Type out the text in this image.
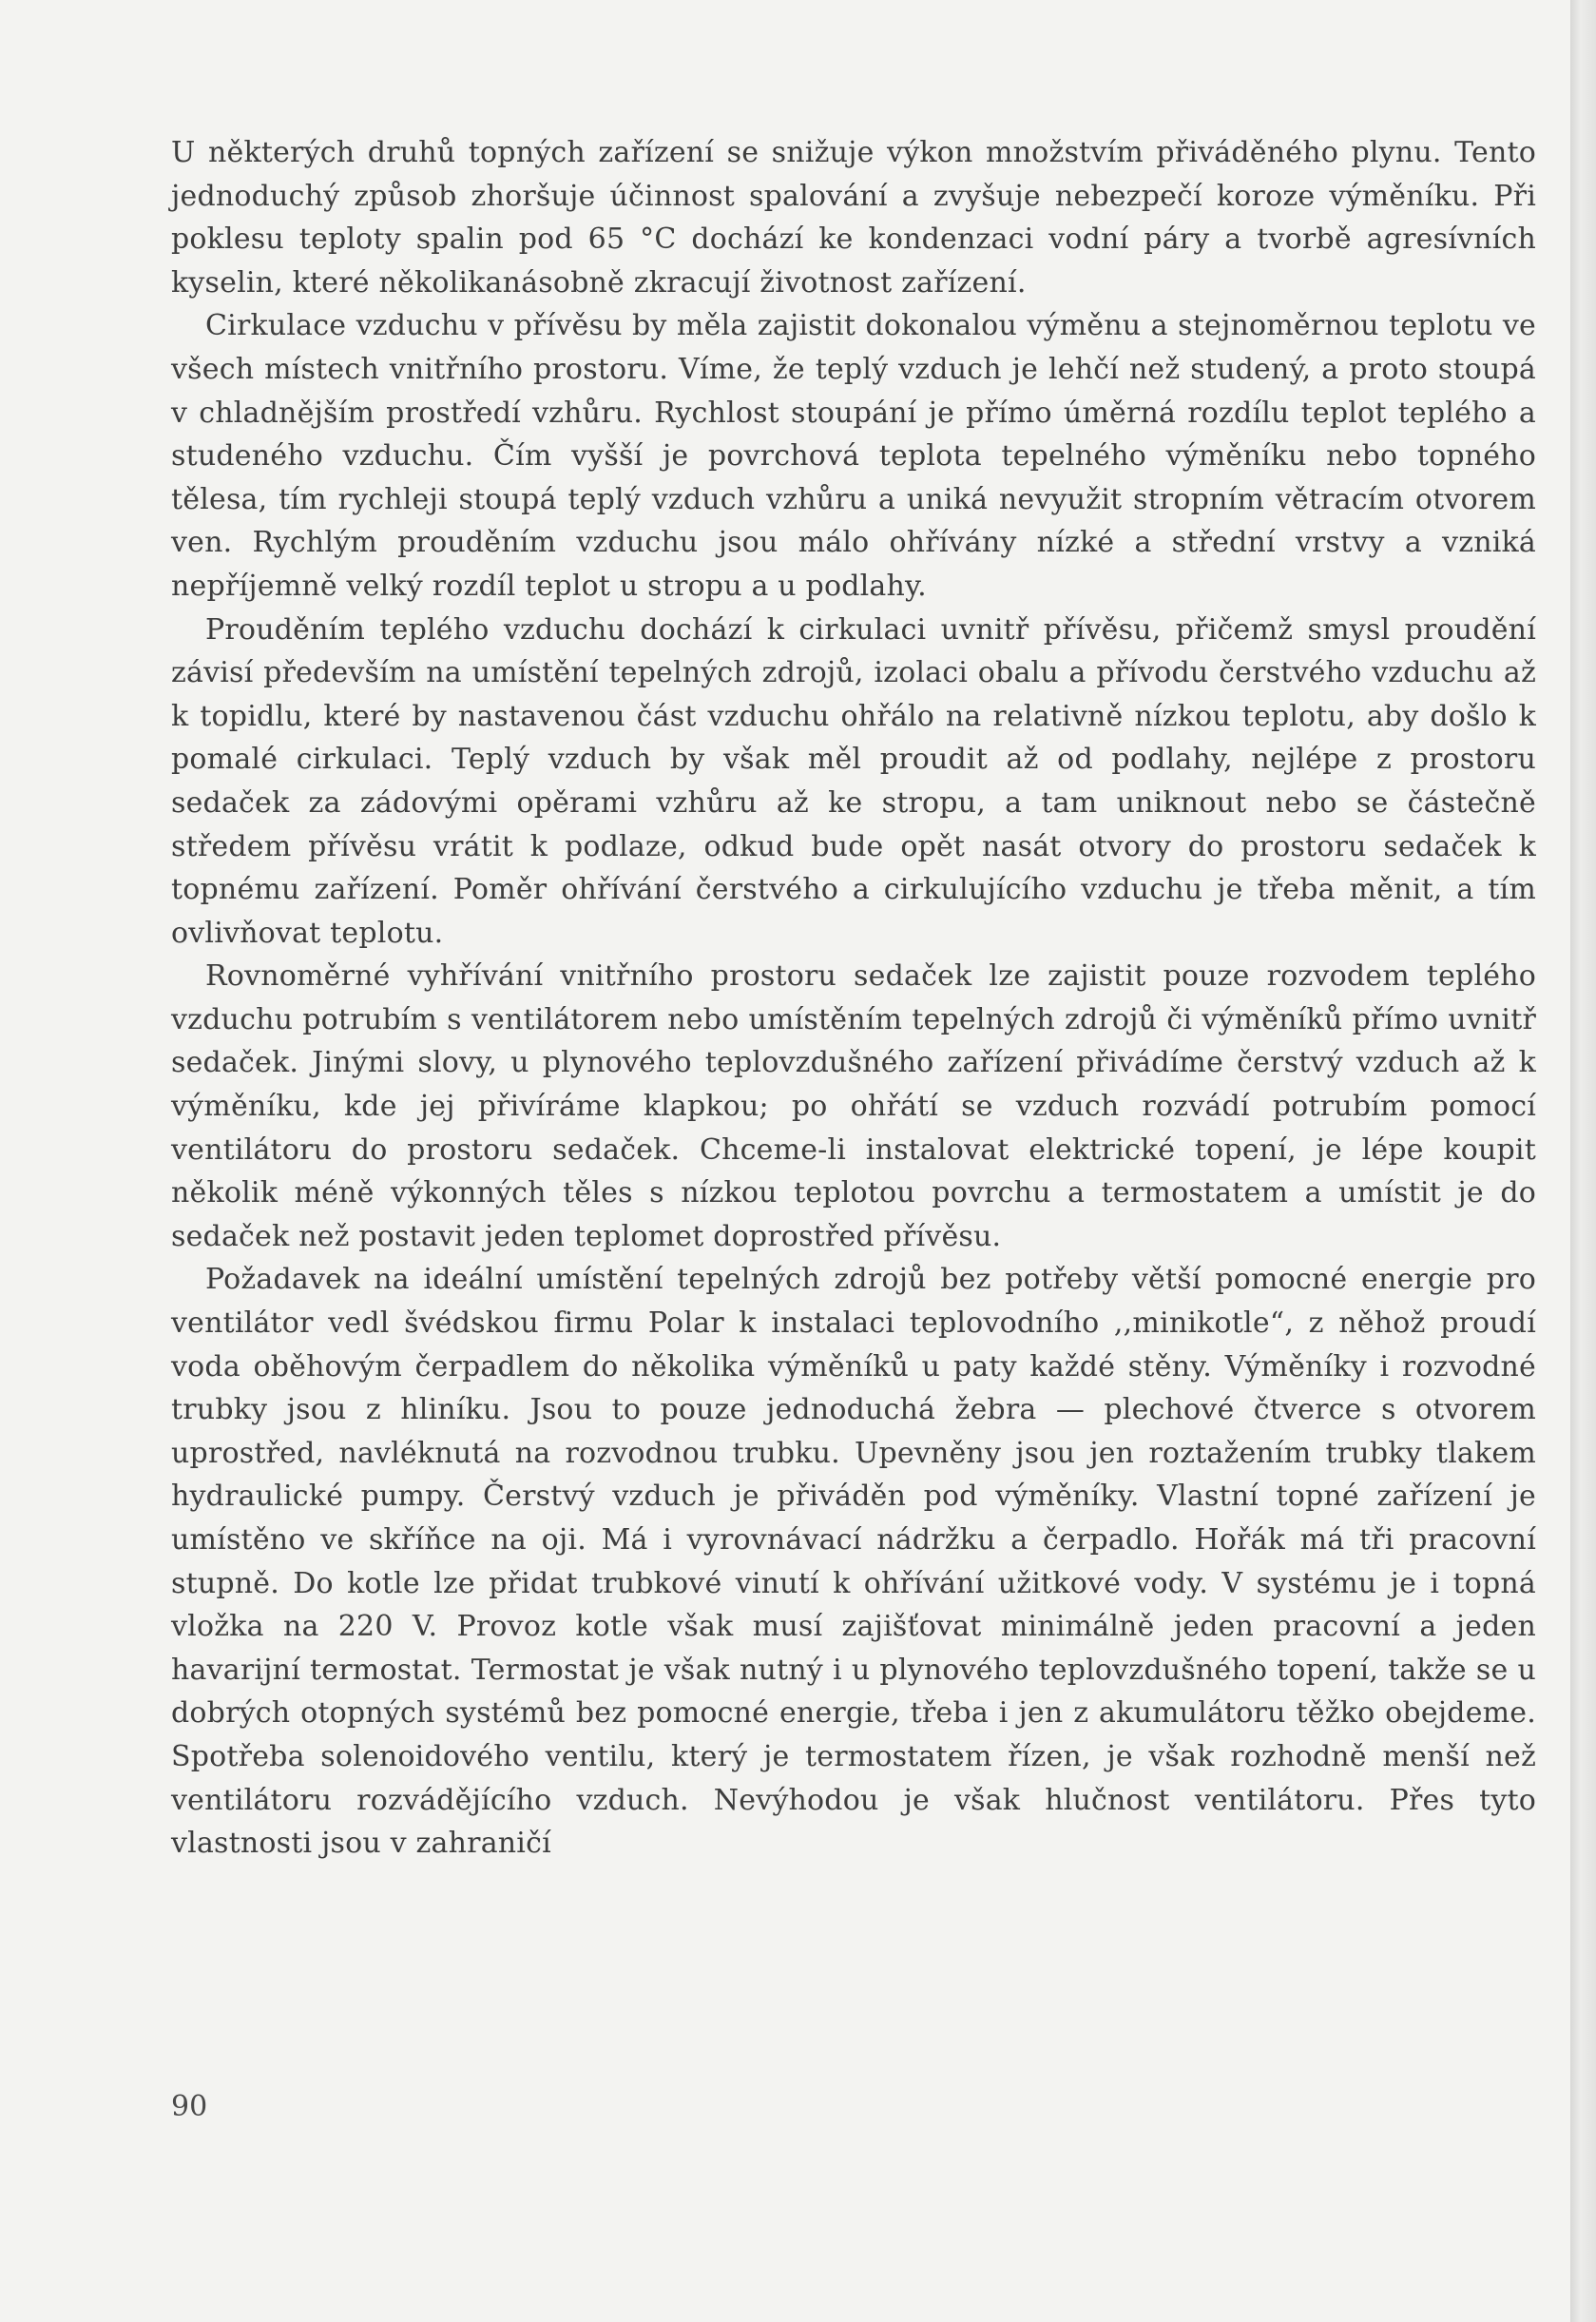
U některých druhů topných zařízení se snižuje výkon množstvím přiváděného plynu. Tento jednoduchý způsob zhoršuje účinnost spalování a zvyšuje nebezpečí koroze výměníku. Při poklesu teploty spalin pod 65 °C dochází ke kondenzaci vodní páry a tvorbě agresívních kyselin, které několikanásobně zkracují životnost zařízení.

Cirkulace vzduchu v přívěsu by měla zajistit dokonalou výměnu a stejnoměrnou teplotu ve všech místech vnitřního prostoru. Víme, že teplý vzduch je lehčí než studený, a proto stoupá v chladnějším prostředí vzhůru. Rychlost stoupání je přímo úměrná rozdílu teplot teplého a studeného vzduchu. Čím vyšší je povrchová teplota tepelného výměníku nebo topného tělesa, tím rychleji stoupá teplý vzduch vzhůru a uniká nevyužit stropním větracím otvorem ven. Rychlým prouděním vzduchu jsou málo ohřívány nízké a střední vrstvy a vzniká nepříjemně velký rozdíl teplot u stropu a u podlahy.

Prouděním teplého vzduchu dochází k cirkulaci uvnitř přívěsu, přičemž smysl proudění závisí především na umístění tepelných zdrojů, izolaci obalu a přívodu čerstvého vzduchu až k topidlu, které by nastavenou část vzduchu ohřálo na relativně nízkou teplotu, aby došlo k pomalé cirkulaci. Teplý vzduch by však měl proudit až od podlahy, nejlépe z prostoru sedaček za zádovými opěrami vzhůru až ke stropu, a tam uniknout nebo se částečně středem přívěsu vrátit k podlaze, odkud bude opět nasát otvory do prostoru sedaček k topnému zařízení. Poměr ohřívání čerstvého a cirkulujícího vzduchu je třeba měnit, a tím ovlivňovat teplotu.

Rovnoměrné vyhřívání vnitřního prostoru sedaček lze zajistit pouze rozvodem teplého vzduchu potrubím s ventilátorem nebo umístěním tepelných zdrojů či výměníků přímo uvnitř sedaček. Jinými slovy, u plynového teplovzdušného zařízení přivádíme čerstvý vzduch až k výměníku, kde jej přivíráme klapkou; po ohřátí se vzduch rozvádí potrubím pomocí ventilátoru do prostoru sedaček. Chceme-li instalovat elektrické topení, je lépe koupit několik méně výkonných těles s nízkou teplotou povrchu a termostatem a umístit je do sedaček než postavit jeden teplomet doprostřed přívěsu.

Požadavek na ideální umístění tepelných zdrojů bez potřeby větší pomocné energie pro ventilátor vedl švédskou firmu Polar k instalaci teplovodního ,,minikotle“, z něhož proudí voda oběhovým čerpadlem do několika výměníků u paty každé stěny. Výměníky i rozvodné trubky jsou z hliníku. Jsou to pouze jednoduchá žebra — plechové čtverce s otvorem uprostřed, navléknutá na rozvodnou trubku. Upevněny jsou jen roztažením trubky tlakem hydraulické pumpy. Čerstvý vzduch je přiváděn pod výměníky. Vlastní topné zařízení je umístěno ve skříňce na oji. Má i vyrovnávací nádržku a čerpadlo. Hořák má tři pracovní stupně. Do kotle lze přidat trubkové vinutí k ohřívání užitkové vody. V systému je i topná vložka na 220 V. Provoz kotle však musí zajišťovat minimálně jeden pracovní a jeden havarijní termostat. Termostat je však nutný i u plynového teplovzdušného topení, takže se u dobrých otopných systémů bez pomocné energie, třeba i jen z akumulátoru těžko obejdeme. Spotřeba solenoidového ventilu, který je termostatem řízen, je však rozhodně menší než ventilátoru rozvádějícího vzduch. Nevýhodou je však hlučnost ventilátoru. Přes tyto vlastnosti jsou v zahraničí

90
